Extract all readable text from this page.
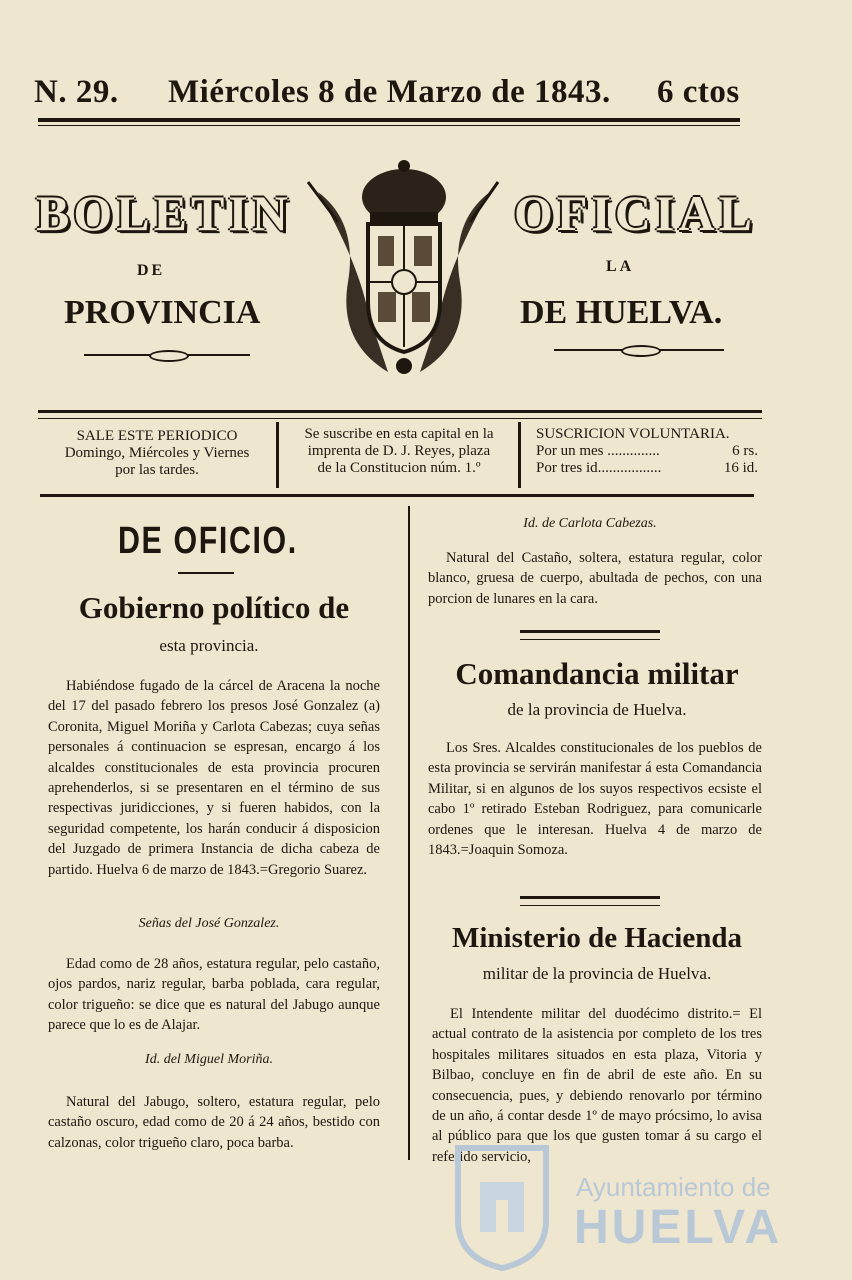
N. 29. Miércoles 8 de Marzo de 1843. 6 ctos
BOLETIN	OFICIAL
DE	LA
PROVINCIA	DE HUELVA.
SALE ESTE PERIODICO
Domingo, Miércoles y Viernes
por las tardes.
Se suscribe en esta capital en la
imprenta de D. J. Reyes, plaza
de la Constitucion núm. 1.º
SUSCRICION VOLUNTARIA.
Por un mes ..............	6 rs.
Por tres id.................	16 id.
DE OFICIO.
Gobierno político de
esta provincia.

Habiéndose fugado de la cárcel de Aracena la noche del 17 del pasado febrero los presos José Gonzalez (a) Coronita, Miguel Moriña y Carlota Cabezas; cuya señas personales á continuacion se espresan, encargo á los alcaldes constitucionales de esta provincia procuren aprehenderlos, si se presentaren en el término de sus respectivas juridicciones, y si fueren habidos, con la seguridad competente, los harán conducir á disposicion del Juzgado de primera Instancia de dicha cabeza de partido. Huelva 6 de marzo de 1843.=Gregorio Suarez.

Señas del José Gonzalez.

Edad como de 28 años, estatura regular, pelo castaño, ojos pardos, nariz regular, barba poblada, cara regular, color trigueño: se dice que es natural del Jabugo aunque parece que lo es de Alajar.

Id. del Miguel Moriña.

Natural del Jabugo, soltero, estatura regular, pelo castaño oscuro, edad como de 20 á 24 años, bestido con calzonas, color trigueño claro, poca barba.

Id. de Carlota Cabezas.

Natural del Castaño, soltera, estatura regular, color blanco, gruesa de cuerpo, abultada de pechos, con una porcion de lunares en la cara.

Comandancia militar
de la provincia de Huelva.

Los Sres. Alcaldes constitucionales de los pueblos de esta provincia se servirán manifestar á esta Comandancia Militar, si en algunos de los suyos respectivos ecsiste el cabo 1º retirado Esteban Rodriguez, para comunicarle ordenes que le interesan. Huelva 4 de marzo de 1843.=Joaquin Somoza.

Ministerio de Hacienda
militar de la provincia de Huelva.

El Intendente militar del duodécimo distrito.= El actual contrato de la asistencia por completo de los tres hospitales militares situados en esta plaza, Vitoria y Bilbao, concluye en fin de abril de este año. En su consecuencia, pues, y debiendo renovarlo por término de un año, á contar desde 1º de mayo prócsimo, lo avisa al público para que los que gusten tomar á su cargo el referido servicio,

Ayuntamiento de
HUELVA
